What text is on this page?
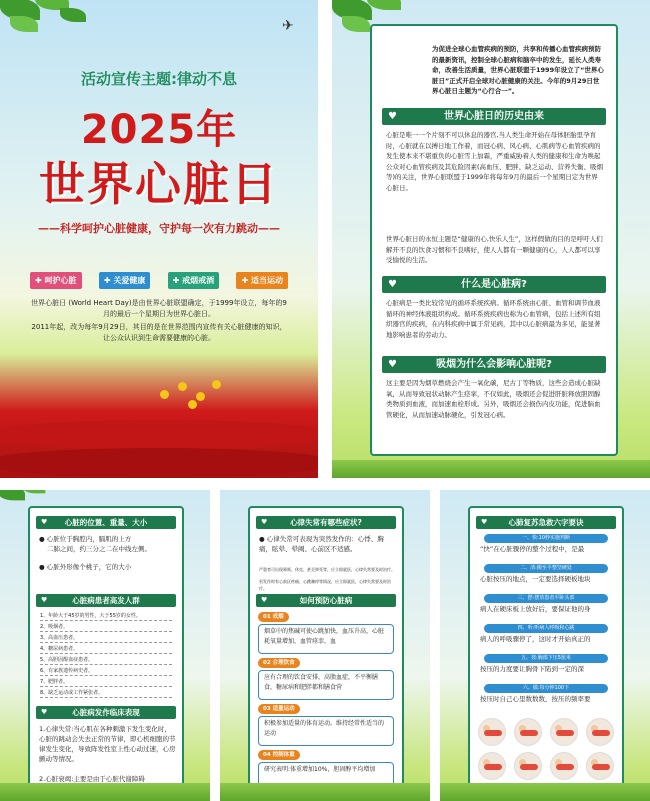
✈
活动宣传主题:律动不息
2025年
世界心脏日
——科学呵护心脏健康，守护每一次有力跳动——
✚ 呵护心脏	✚ 关爱健康	✚ 戒烟戒酒	✚ 适当运动
世界心脏日 (World Heart Day)是由世界心脏联盟确定，于1999年设立，每年的9月的最后一个星期日为世界心脏日。
2011年起，改为每年9月29日，其目的是在世界范围内宣传有关心脏健康的知识，让公众认识到生命需要健康的心脏。
为促进全球心血管疾病的预防，共享和传播心血管疾病预防的最新资讯，控制全球心脏病和脑卒中的发生，延长人类寿命，改善生活质量，世界心脏联盟于1999年设立了“世界心脏日”正式开启全球对心脏健康的关注。今年的9月29日世界心脏日主题为“心行合一”。
♥	世界心脏日的历史由来
心脏是唯一一个片刻不可以休息的器官,当人类生命开始在母体胚胎里孕育时，心脏就在以搏日地工作着，而冠心病、风心病、心肌病等心血管疾病的发生使本来不堪重负的心脏雪上加霜，严重威胁着人类的健康和生命为唤起公众对心血管疾病及其危险因素(高血压、肥胖、缺乏运动、营养失衡、吸烟等)的关注，世界心脏联盟于1999年将每年9月的最后一个星期日定为世界心脏日。
世界心脏日的永恒主题是“健康的心,快乐人生”，这样假做的目的是呼吁人们解开不良的饮食习惯和不良嗜好，使人人都有一颗健康的心，人人都可以享受愉悦的生活。
♥	什么是心脏病?
心脏病是一类比较常见的循环系统疾病。循环系统由心脏、血管和调节血液循环的神经体液组织构成。循环系统疾病也称为心血管病，包括上述所有组织器官的疾病，在内科疾病中属于常见病，其中以心脏病最为多见，能显著地影响患者的劳动力。
♥	吸烟为什么会影响心脏呢?
这主要是因为烟草燃烧会产生一氧化碳，尼古丁等物质，这些会造成心脏缺氧，从而导致冠状动脉产生痉挛，不仅如此，吸烟还会促进肝脏释放胆固醇类物质到血液，而加速血栓形成。另外，吸烟还会损伤内皮功能，促进脑血管硬化，从而加速动脉硬化，引发冠心病。
♥ 心脏的位置、重量、大小
● 心脏位于胸腔内，膈肌的上方
二肺之间，约三分之二在中线左侧。
● 心脏外形像个桃子，它的大小
♥	心脏病患者高发人群
1、年龄大于45岁的男性，大于55岁的女性。
2、吸烟者。
3、高血压患者。
4、糖尿病患者。
5、高胆固醇血症患者。
6、有家族遗传病史者。
7、肥胖者。
8、缺乏运动或工作紧张者。
♥	心脏病发作临床表现
1.心律失常:当心肌在各种刺激下发生变化时，心脏的跳动会失去正常的节律，即心机细胞的节律发生变化，导致阵发性室上性心动过速，心房颤动等情况。
2.心脏衰竭:主要是由于心脏代谢障碍
♥	心律失常有哪些症状?
● 心律失常可表现为突然发作的：心悸、胸痛，眩晕、晕阙、心前区不适感。
严重者可出现晕厥、休克、甚至猝死等，应立即就医，心律失常要及时治疗。
若发作时有心前区疼痛、心跳骤停等情况，应立即就医，心律失常要及时治疗。
♥	如何预防心脏病
01 戒烟
烟草中的焦碱可使心跳加快，血压升高，心脏耗氧量增加，血管痉挛，血
02 合理饮食
应有合理的饮食安排，高脂血症，不平衡膳食，糖尿病和肥胖都和膳食营
03 适量运动
积极参加适量的体育运动。维持经常性适当的运动
04 控制体重
研究表明:体重增加10%，胆固醇平均增加
♥	心肺复苏急救六字要诀
一、快:10秒实施判断
“快”在心脏骤停的整个过程中，是最
二、清:搬至平整坚硬处
心脏按压的地点，一定要选择硬板地块
三、摆:摆放患者平卧头部
病人在硬床板上放好后，要保证他的身
四、听:听病人呼吸和心跳
病人的呼吸骤停了，这时才开始真正的
五、按:胸部下压5厘米
按压的力度要让胸骨下陷到一定的深
六、做:每分钟100下
按压时自己心里数数数，按压的频率要
